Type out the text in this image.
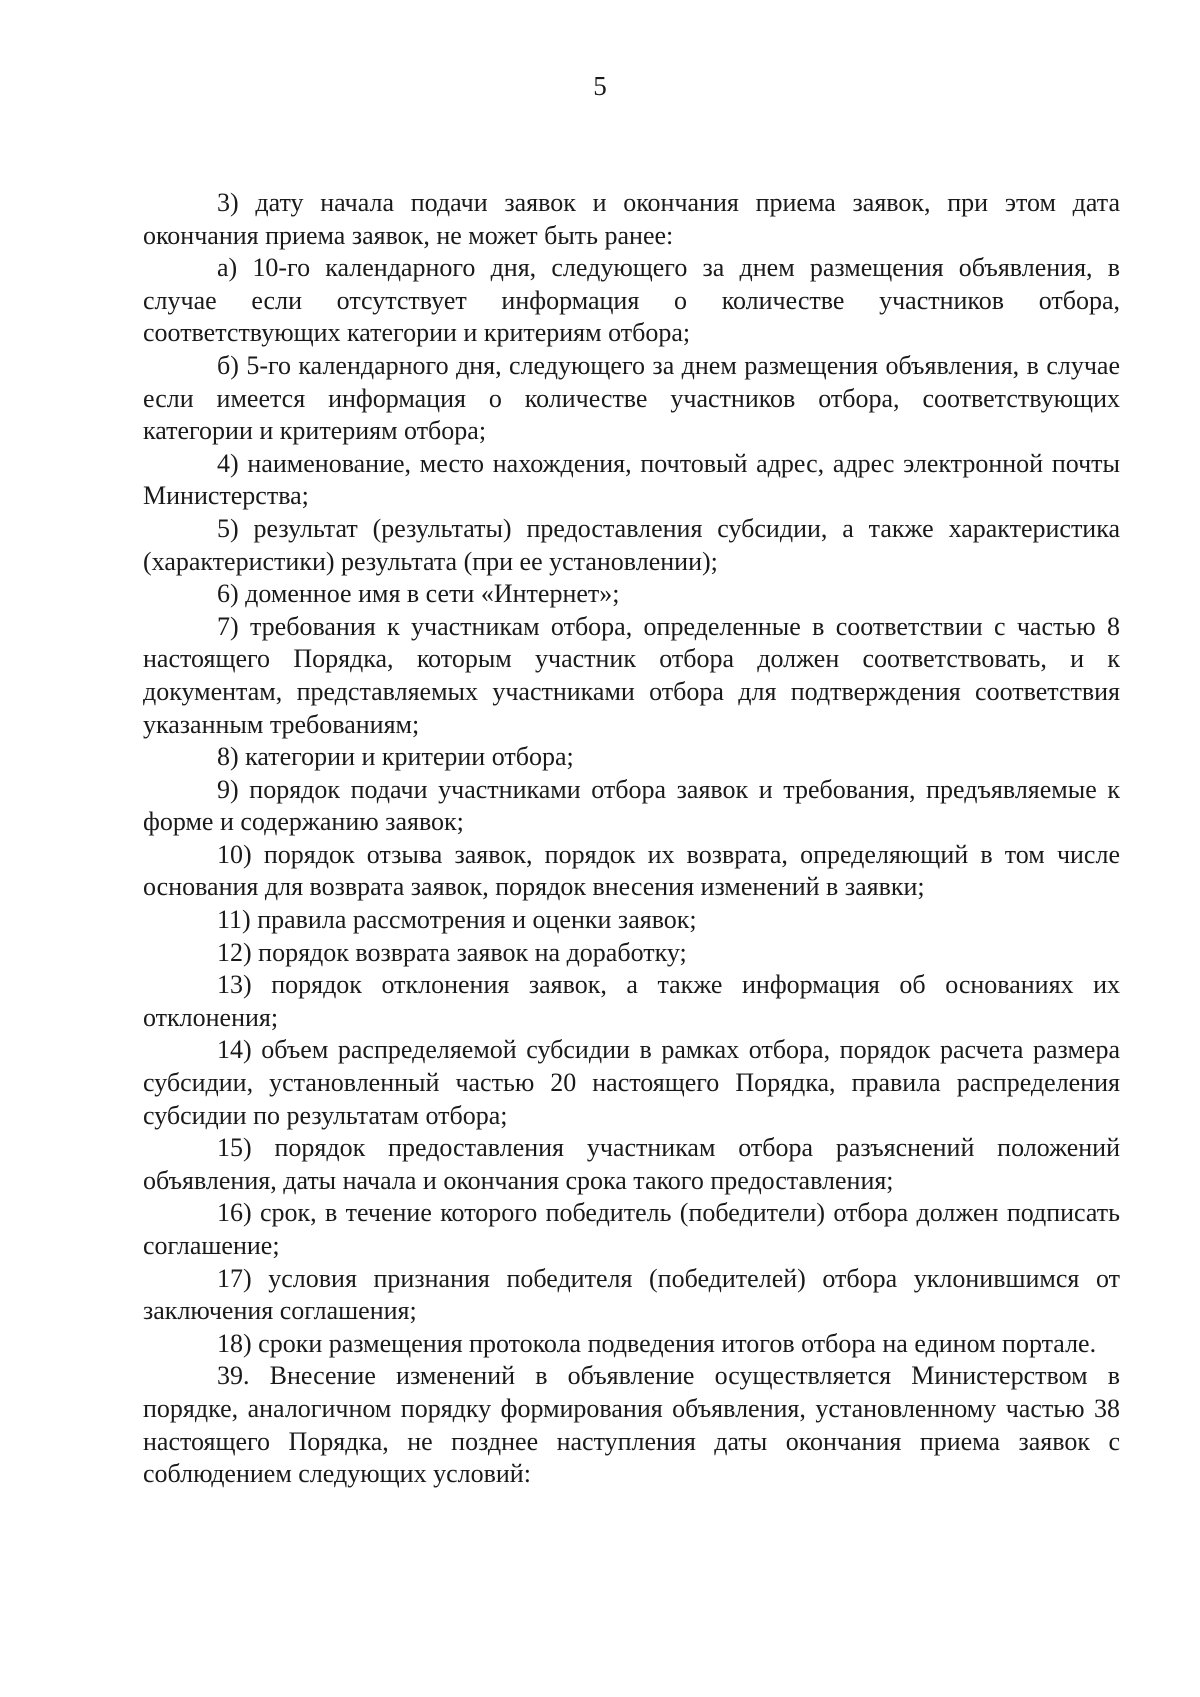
5

3) дату начала подачи заявок и окончания приема заявок, при этом дата окончания приема заявок, не может быть ранее:

а) 10-го календарного дня, следующего за днем размещения объявления, в случае если отсутствует информация о количестве участников отбора, соответствующих категории и критериям отбора;

б) 5-го календарного дня, следующего за днем размещения объявления, в случае если имеется информация о количестве участников отбора, соответствующих категории и критериям отбора;

4) наименование, место нахождения, почтовый адрес, адрес электронной почты Министерства;

5) результат (результаты) предоставления субсидии, а также характеристика (характеристики) результата (при ее установлении);

6) доменное имя в сети «Интернет»;

7) требования к участникам отбора, определенные в соответствии с частью 8 настоящего Порядка, которым участник отбора должен соответствовать, и к документам, представляемых участниками отбора для подтверждения соответствия указанным требованиям;

8) категории и критерии отбора;

9) порядок подачи участниками отбора заявок и требования, предъявляемые к форме и содержанию заявок;

10) порядок отзыва заявок, порядок их возврата, определяющий в том числе основания для возврата заявок, порядок внесения изменений в заявки;

11) правила рассмотрения и оценки заявок;

12) порядок возврата заявок на доработку;

13) порядок отклонения заявок, а также информация об основаниях их отклонения;

14) объем распределяемой субсидии в рамках отбора, порядок расчета размера субсидии, установленный частью 20 настоящего Порядка, правила распределения субсидии по результатам отбора;

15) порядок предоставления участникам отбора разъяснений положений объявления, даты начала и окончания срока такого предоставления;

16) срок, в течение которого победитель (победители) отбора должен подписать соглашение;

17) условия признания победителя (победителей) отбора уклонившимся от заключения соглашения;

18) сроки размещения протокола подведения итогов отбора на едином портале.

39. Внесение изменений в объявление осуществляется Министерством в порядке, аналогичном порядку формирования объявления, установленному частью 38 настоящего Порядка, не позднее наступления даты окончания приема заявок с соблюдением следующих условий:
